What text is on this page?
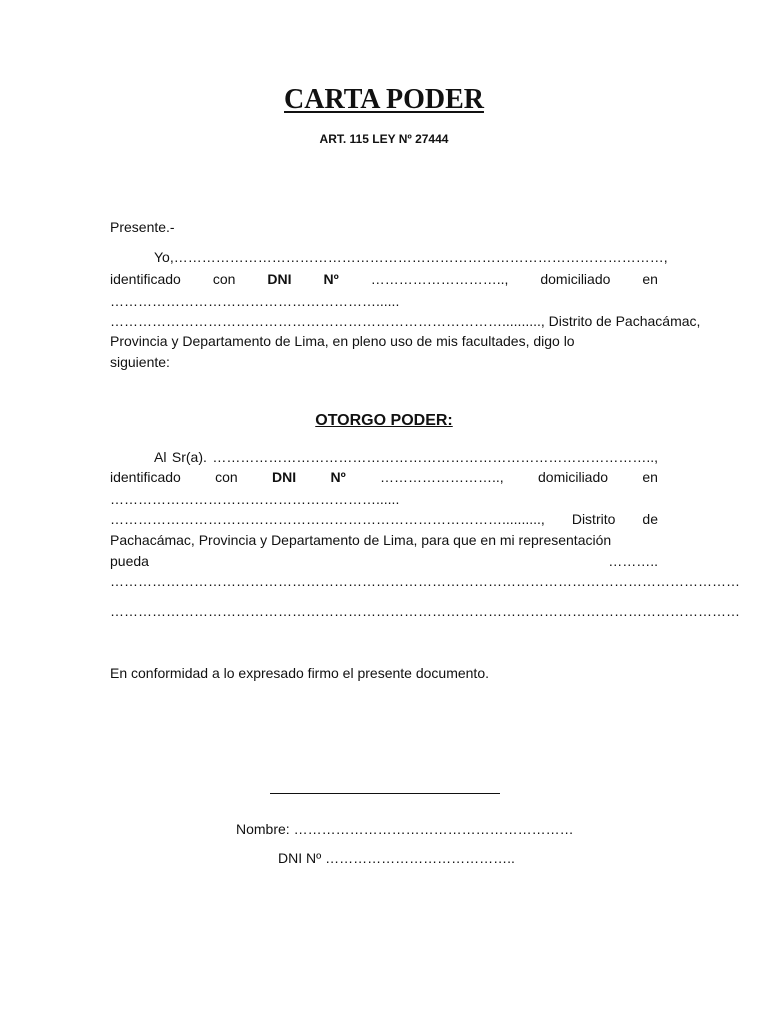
CARTA PODER
ART. 115 LEY Nº 27444
Presente.-
Yo, ……………………………………………………………………………………………,
identificado con DNI Nº ……………………….., domiciliado en
…………………………………………………......
………………………………………………………………………….........., Distrito de Pachacámac,
Provincia y Departamento de Lima, en pleno uso de mis facultades, digo lo
siguiente:
OTORGO PODER:
Al Sr(a). …………………………………………………………………………………..,
identificado con DNI Nº …………………….., domiciliado en
…………………………………………………......
………………………………………………………………………….........., Distrito de
Pachacámac, Provincia y Departamento de Lima, para que en mi representación
pueda	………..
………………………………………………………………………………………………………………………
………………………………………………………………………………………………………………………
En conformidad a lo expresado firmo el presente documento.
Nombre: ……………………………………………………
DNI Nº …………………………………..
